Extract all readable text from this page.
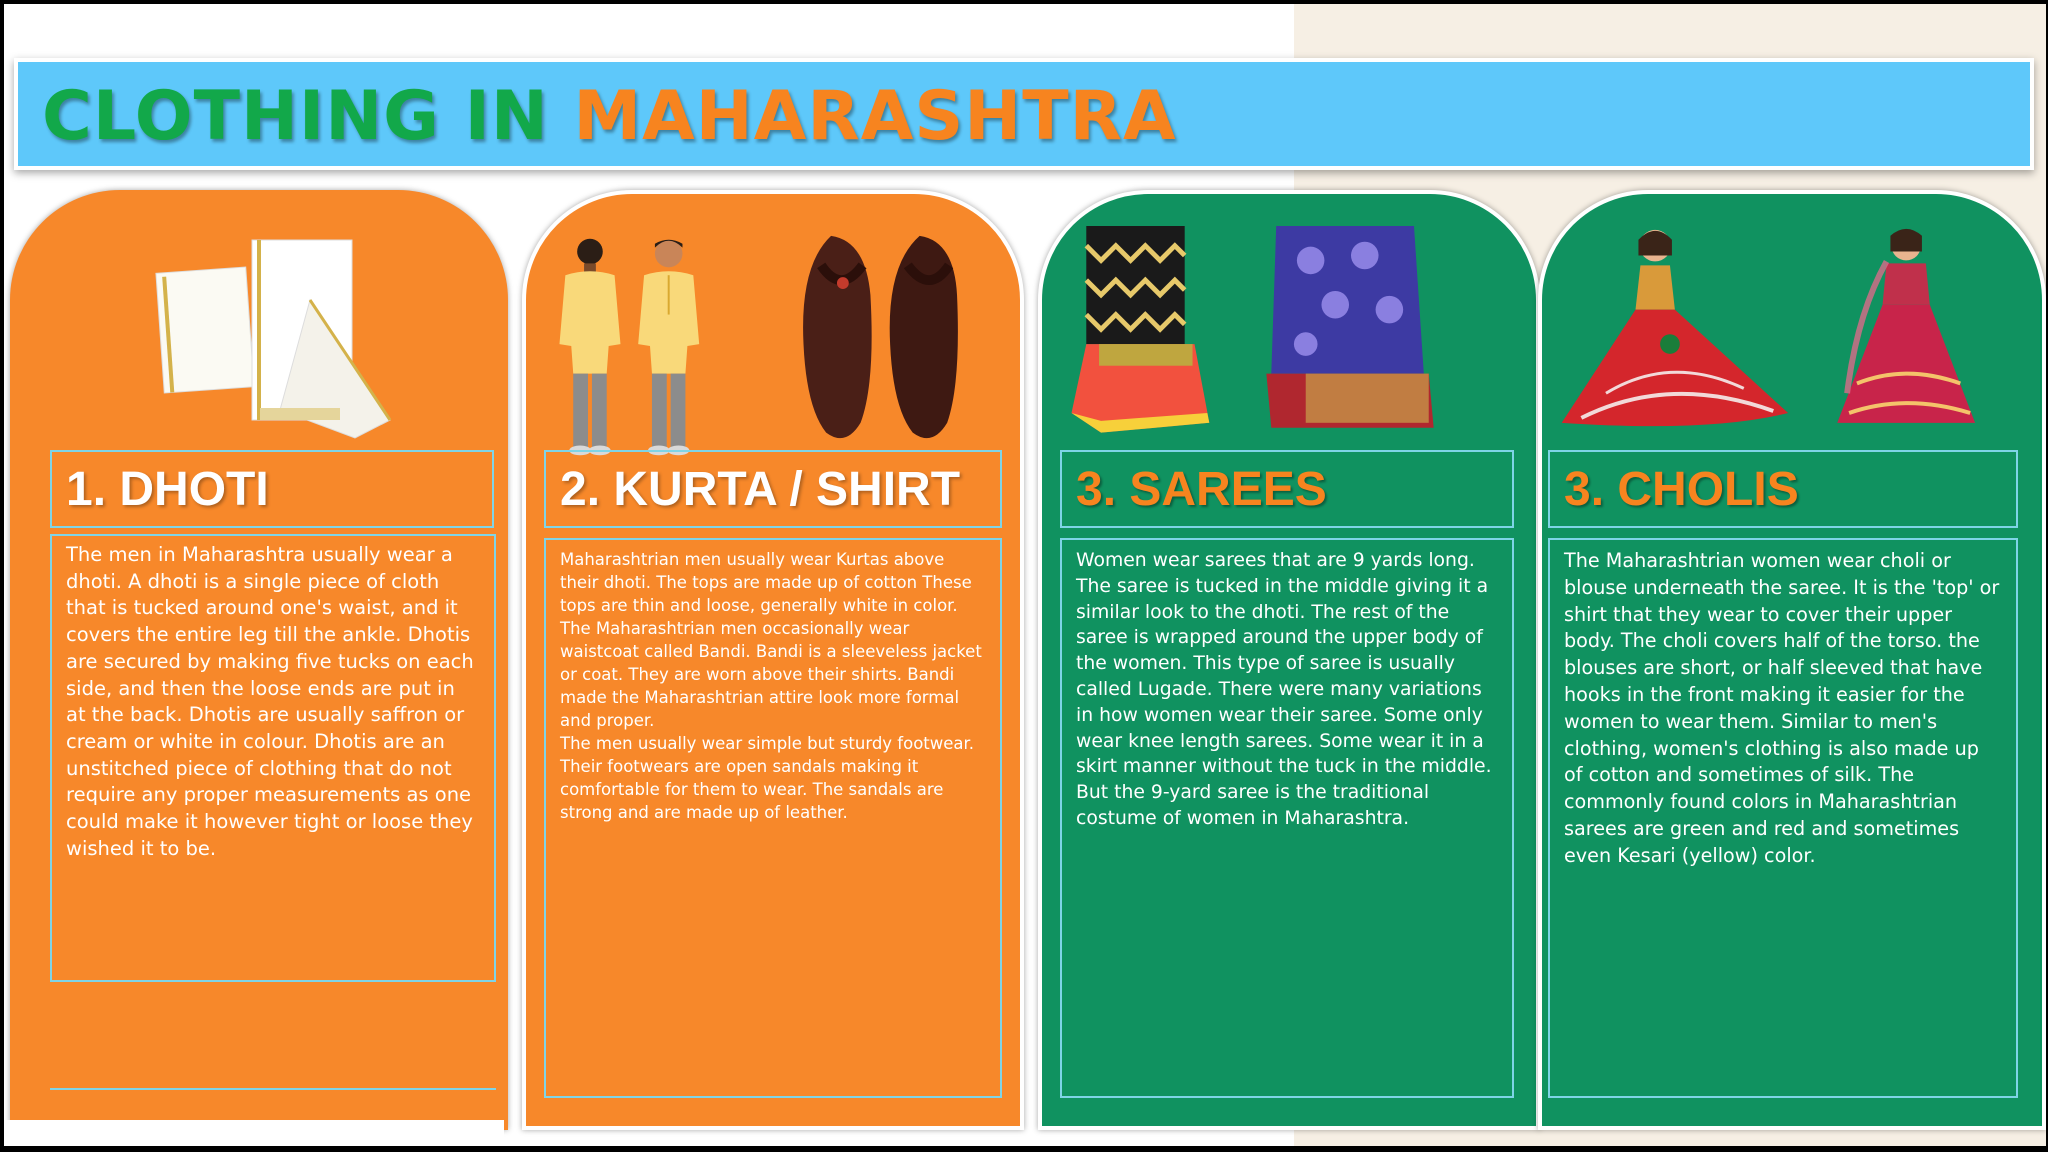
CLOTHING IN MAHARASHTRA
1. DHOTI

The men in Maharashtra usually wear a dhoti. A dhoti is a single piece of cloth that is tucked around one's waist, and it covers the entire leg till the ankle. Dhotis are secured by making five tucks on each side, and then the loose ends are put in at the back. Dhotis are usually saffron or cream or white in colour. Dhotis are an unstitched piece of clothing that do not require any proper measurements as one could make it however tight or loose they wished it to be.

2. KURTA / SHIRT

Maharashtrian men usually wear Kurtas above their dhoti. The tops are made up of cotton These tops are thin and loose, generally white in color.

The Maharashtrian men occasionally wear waistcoat called Bandi. Bandi is a sleeveless jacket or coat. They are worn above their shirts. Bandi made the Maharashtrian attire look more formal and proper.

The men usually wear simple but sturdy footwear. Their footwears are open sandals making it comfortable for them to wear. The sandals are strong and are made up of leather.

3. SAREES

Women wear sarees that are 9 yards long. The saree is tucked in the middle giving it a similar look to the dhoti. The rest of the saree is wrapped around the upper body of the women. This type of saree is usually called Lugade. There were many variations in how women wear their saree. Some only wear knee length sarees. Some wear it in a skirt manner without the tuck in the middle. But the 9-yard saree is the traditional costume of women in Maharashtra.

3. CHOLIS

The Maharashtrian women wear choli or blouse underneath the saree. It is the 'top' or shirt that they wear to cover their upper body. The choli covers half of the torso. the blouses are short, or half sleeved that have hooks in the front making it easier for the women to wear them. Similar to men's clothing, women's clothing is also made up of cotton and sometimes of silk. The commonly found colors in Maharashtrian sarees are green and red and sometimes even Kesari (yellow) color.
